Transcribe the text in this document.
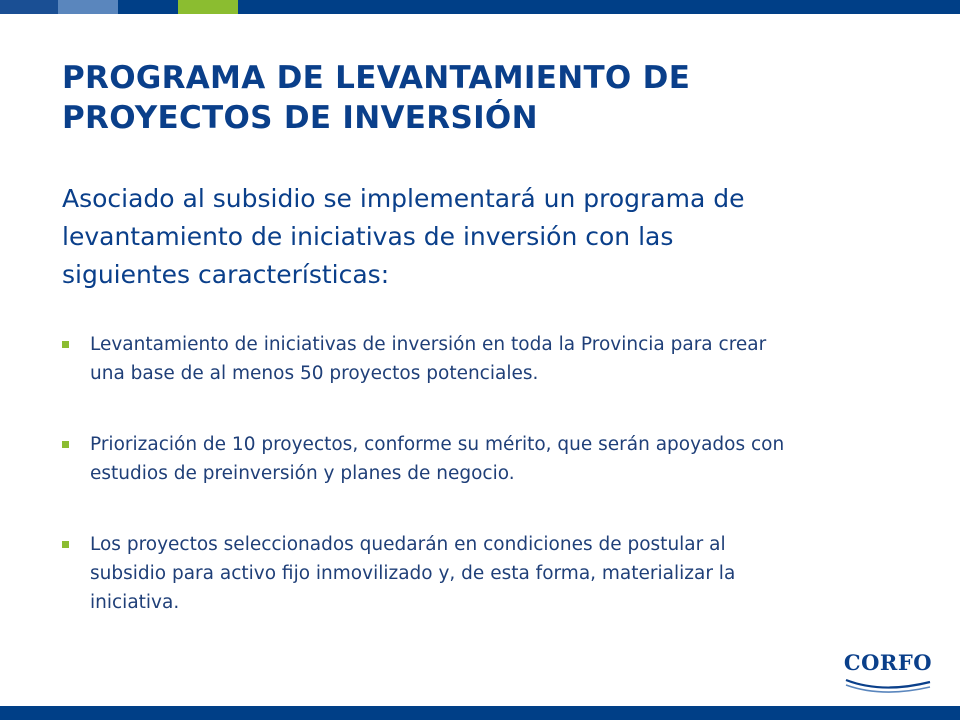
PROGRAMA DE LEVANTAMIENTO DE
PROYECTOS DE INVERSIÓN

Asociado al subsidio se implementará un programa de
levantamiento de iniciativas de inversión con las
siguientes características:

Levantamiento de iniciativas de inversión en toda la Provincia para crear
una base de al menos 50 proyectos potenciales.
Priorización de 10 proyectos, conforme su mérito, que serán apoyados con
estudios de preinversión y planes de negocio.
Los proyectos seleccionados quedarán en condiciones de postular al
subsidio para activo fijo inmovilizado y, de esta forma, materializar la
iniciativa.
CORFO
